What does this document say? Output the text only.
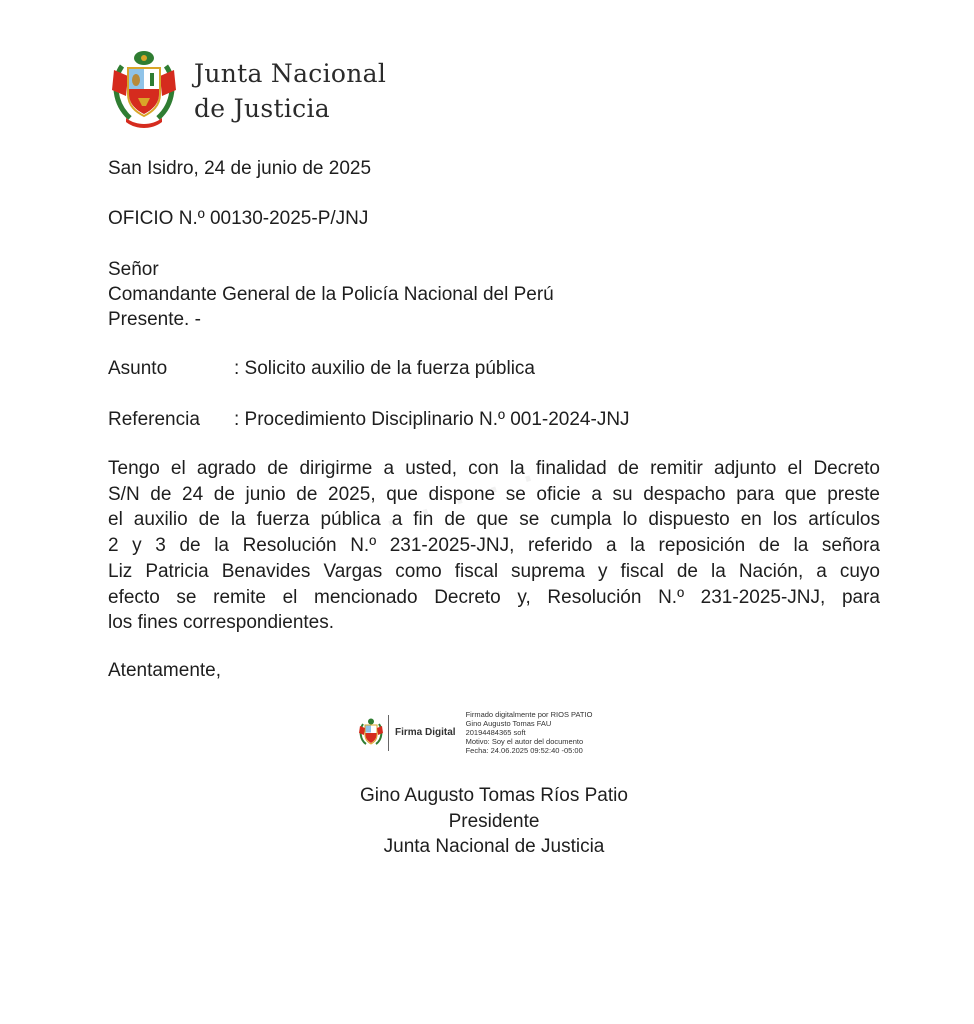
Junta Nacional
de Justicia
San Isidro, 24 de junio de 2025
OFICIO N.º 00130-2025-P/JNJ
Señor
Comandante General de la Policía Nacional del Perú
Presente. -
Asunto	: Solicito auxilio de la fuerza pública
Referencia	: Procedimiento Disciplinario N.º 001-2024-JNJ
· · · · · ·
Tengo el agrado de dirigirme a usted, con la finalidad de remitir adjunto el Decreto
S/N de 24 de junio de 2025, que dispone se oficie a su despacho para que preste
el auxilio de la fuerza pública a fin de que se cumpla lo dispuesto en los artículos
2 y 3 de la Resolución N.º 231-2025-JNJ, referido a la reposición de la señora
Liz Patricia Benavides Vargas como fiscal suprema y fiscal de la Nación, a cuyo
efecto se remite el mencionado Decreto y, Resolución N.º 231-2025-JNJ, para
los fines correspondientes.
Atentamente,
Firma Digital
Firmado digitalmente por RIOS PATIO
Gino Augusto Tomas FAU
20194484365 soft
Motivo: Soy el autor del documento
Fecha: 24.06.2025 09:52:40 -05:00
Gino Augusto Tomas Ríos Patio
Presidente
Junta Nacional de Justicia
